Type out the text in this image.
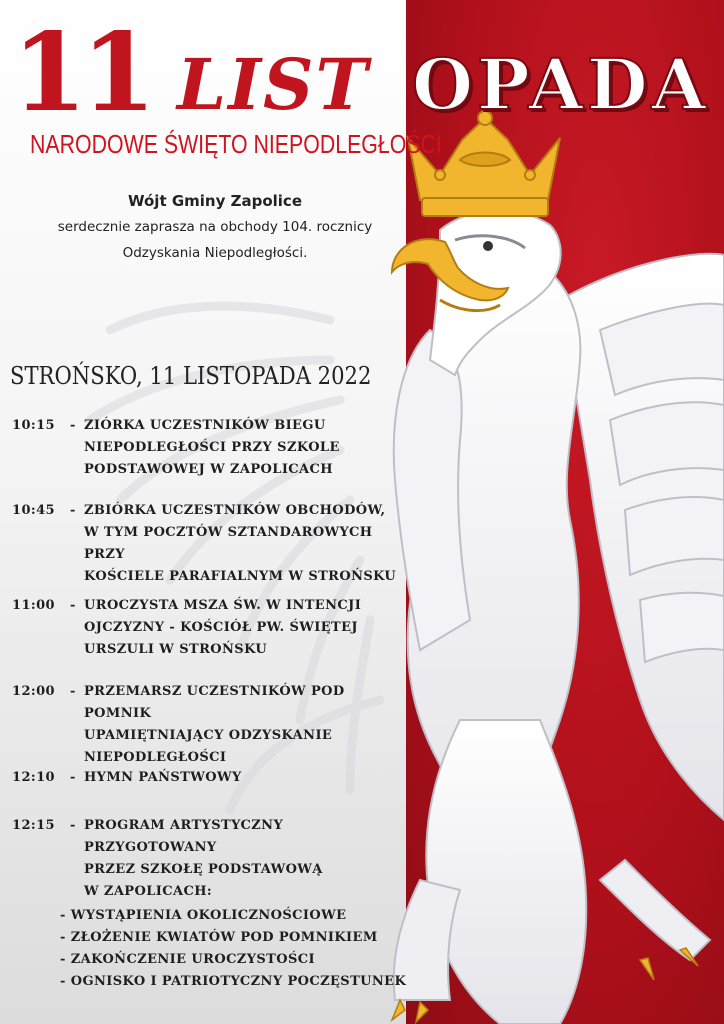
11 LIST OPADA
NARODOWE ŚWIĘTO NIEPODLEGŁOŚCI
Wójt Gminy Zapolice
serdecznie zaprasza na obchody 104. rocznicy
Odzyskania Niepodległości.
STROŃSKO, 11 LISTOPADA 2022
10:15	- ZIÓRKA UCZESTNIKÓW BIEGU
NIEPODLEGŁOŚCI PRZY SZKOLE
PODSTAWOWEJ W ZAPOLICACH
10:45	- ZBIÓRKA UCZESTNIKÓW OBCHODÓW,
W TYM POCZTÓW SZTANDAROWYCH PRZY
KOŚCIELE PARAFIALNYM W STROŃSKU
11:00	- UROCZYSTA MSZA ŚW. W INTENCJI
OJCZYZNY - KOŚCIÓŁ PW. ŚWIĘTEJ
URSZULI W STROŃSKU
12:00	- PRZEMARSZ UCZESTNIKÓW POD POMNIK
UPAMIĘTNIAJĄCY ODZYSKANIE
NIEPODLEGŁOŚCI
12:10	- HYMN PAŃSTWOWY
12:15	- PROGRAM ARTYSTYCZNY PRZYGOTOWANY
PRZEZ SZKOŁĘ PODSTAWOWĄ
W ZAPOLICACH:
- WYSTĄPIENIA OKOLICZNOŚCIOWE
- ZŁOŻENIE KWIATÓW POD POMNIKIEM
- ZAKOŃCZENIE UROCZYSTOŚCI
- OGNISKO I PATRIOTYCZNY POCZĘSTUNEK
